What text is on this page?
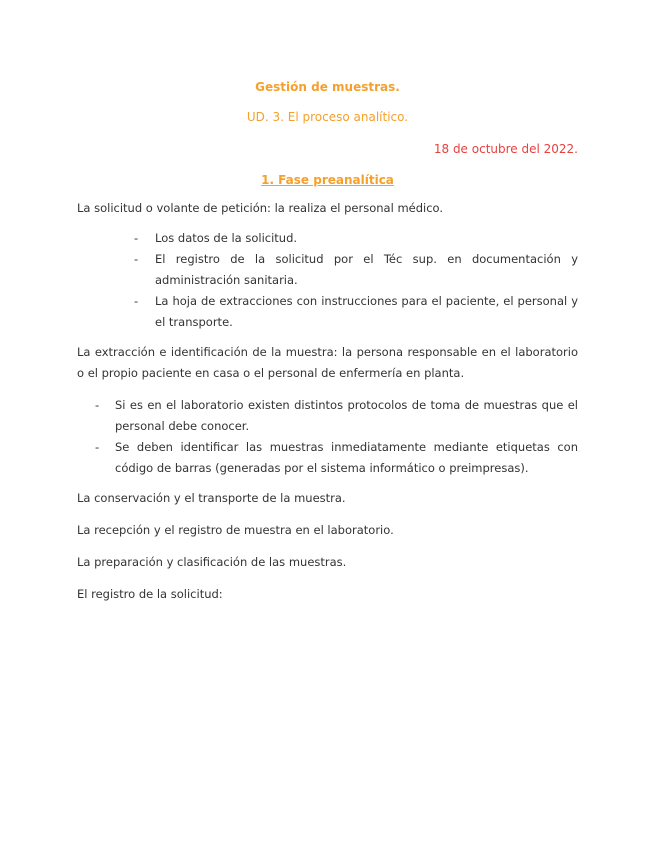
Gestión de muestras.
UD. 3. El proceso analítico.
18 de octubre del 2022.
1. Fase preanalítica
La solicitud o volante de petición: la realiza el personal médico.
- Los datos de la solicitud.
- El registro de la solicitud por el Téc sup. en documentación y administración sanitaria.
- La hoja de extracciones con instrucciones para el paciente, el personal y el transporte.
La extracción e identificación de la muestra: la persona responsable en el laboratorio o el propio paciente en casa o el personal de enfermería en planta.
- Si es en el laboratorio existen distintos protocolos de toma de muestras que el personal debe conocer.
- Se deben identificar las muestras inmediatamente mediante etiquetas con código de barras (generadas por el sistema informático o preimpresas).
La conservación y el transporte de la muestra.
La recepción y el registro de muestra en el laboratorio.
La preparación y clasificación de las muestras.
El registro de la solicitud:
